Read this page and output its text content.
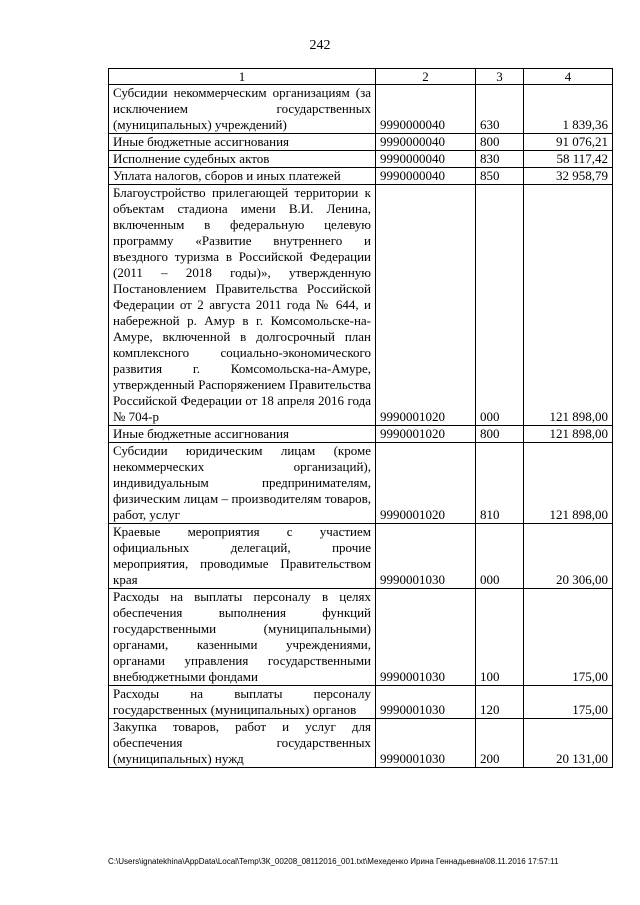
242
1	2	3	4
Субсидии некоммерческим организациям (за исключением государственных (муниципальных) учреждений)	9990000040	630	1 839,36
Иные бюджетные ассигнования	9990000040	800	91 076,21
Исполнение судебных актов	9990000040	830	58 117,42
Уплата налогов, сборов и иных платежей	9990000040	850	32 958,79
Благоустройство прилегающей территории к объектам стадиона имени В.И. Ленина, включенным в федеральную целевую программу «Развитие внутреннего и въездного туризма в Российской Федерации (2011 – 2018 годы)», утвержденную Постановлением Правительства Российской Федерации от 2 августа 2011 года № 644, и набережной р. Амур в г. Комсомольске-на-Амуре, включенной в долгосрочный план комплексного социально-экономического развития г. Комсомольска-на-Амуре, утвержденный Распоряжением Правительства Российской Федерации от 18 апреля 2016 года № 704-р	9990001020	000	121 898,00
Иные бюджетные ассигнования	9990001020	800	121 898,00
Субсидии юридическим лицам (кроме некоммерческих организаций), индивидуальным предпринимателям, физическим лицам – производителям товаров, работ, услуг	9990001020	810	121 898,00
Краевые мероприятия с участием официальных делегаций, прочие мероприятия, проводимые Правительством края	9990001030	000	20 306,00
Расходы на выплаты персоналу в целях обеспечения выполнения функций государственными (муниципальными) органами, казенными учреждениями, органами управления государственными внебюджетными фондами	9990001030	100	175,00
Расходы на выплаты персоналу государственных (муниципальных) органов	9990001030	120	175,00
Закупка товаров, работ и услуг для обеспечения государственных (муниципальных) нужд	9990001030	200	20 131,00
C:\Users\ignatekhina\AppData\Local\Temp\ЗК_00208_08112016_001.txt\Мехеденко Ирина Геннадьевна\08.11.2016 17:57:11
